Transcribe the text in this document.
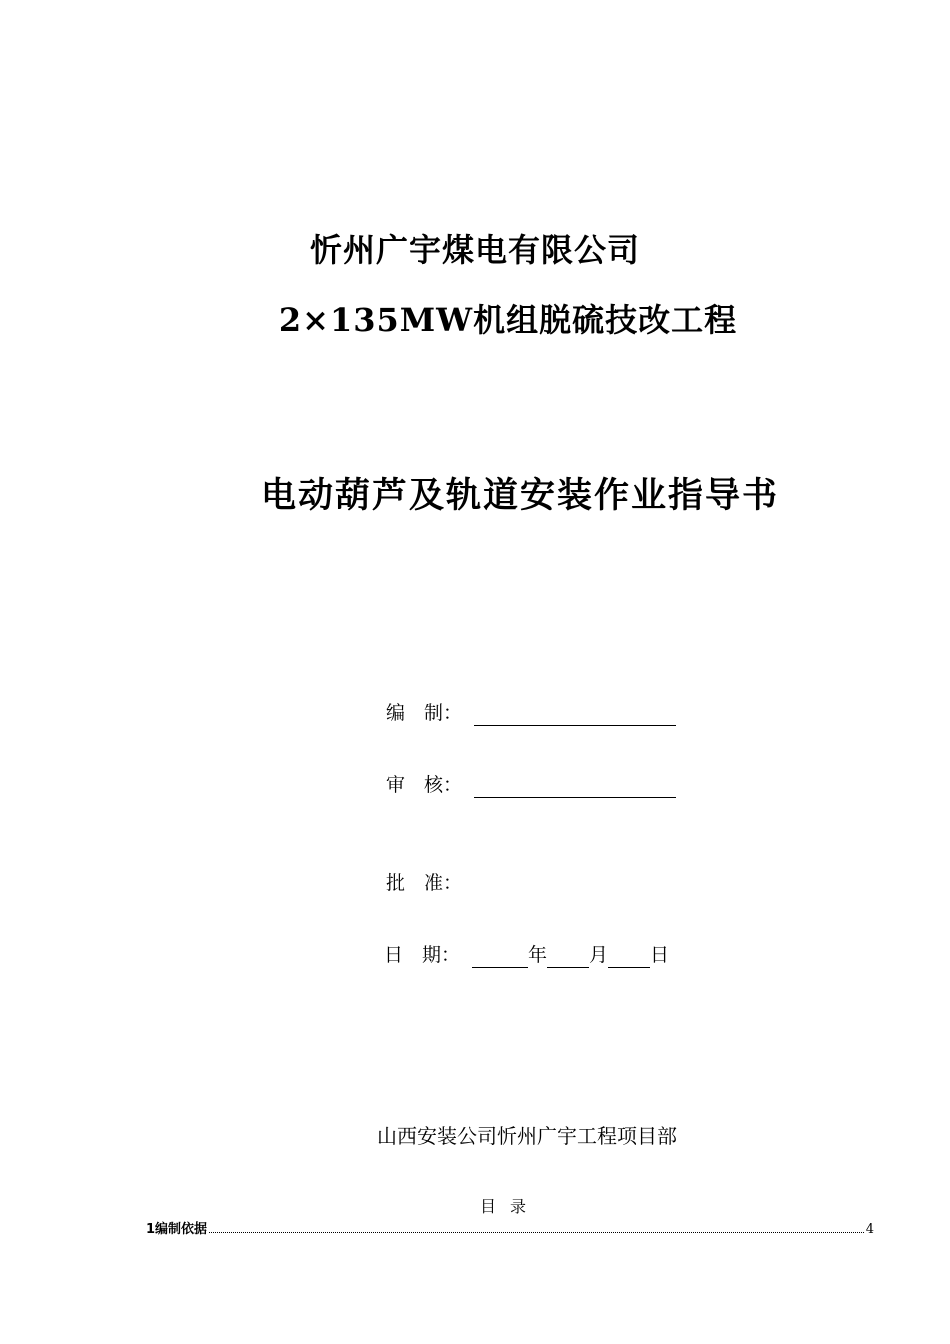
忻州广宇煤电有限公司
2×135MW机组脱硫技改工程
电动葫芦及轨道安装作业指导书
编　制：
审　核：
批　准：
日　期：	年 月 日
山西安装公司忻州广宇工程项目部
目录
1编制依据	4
